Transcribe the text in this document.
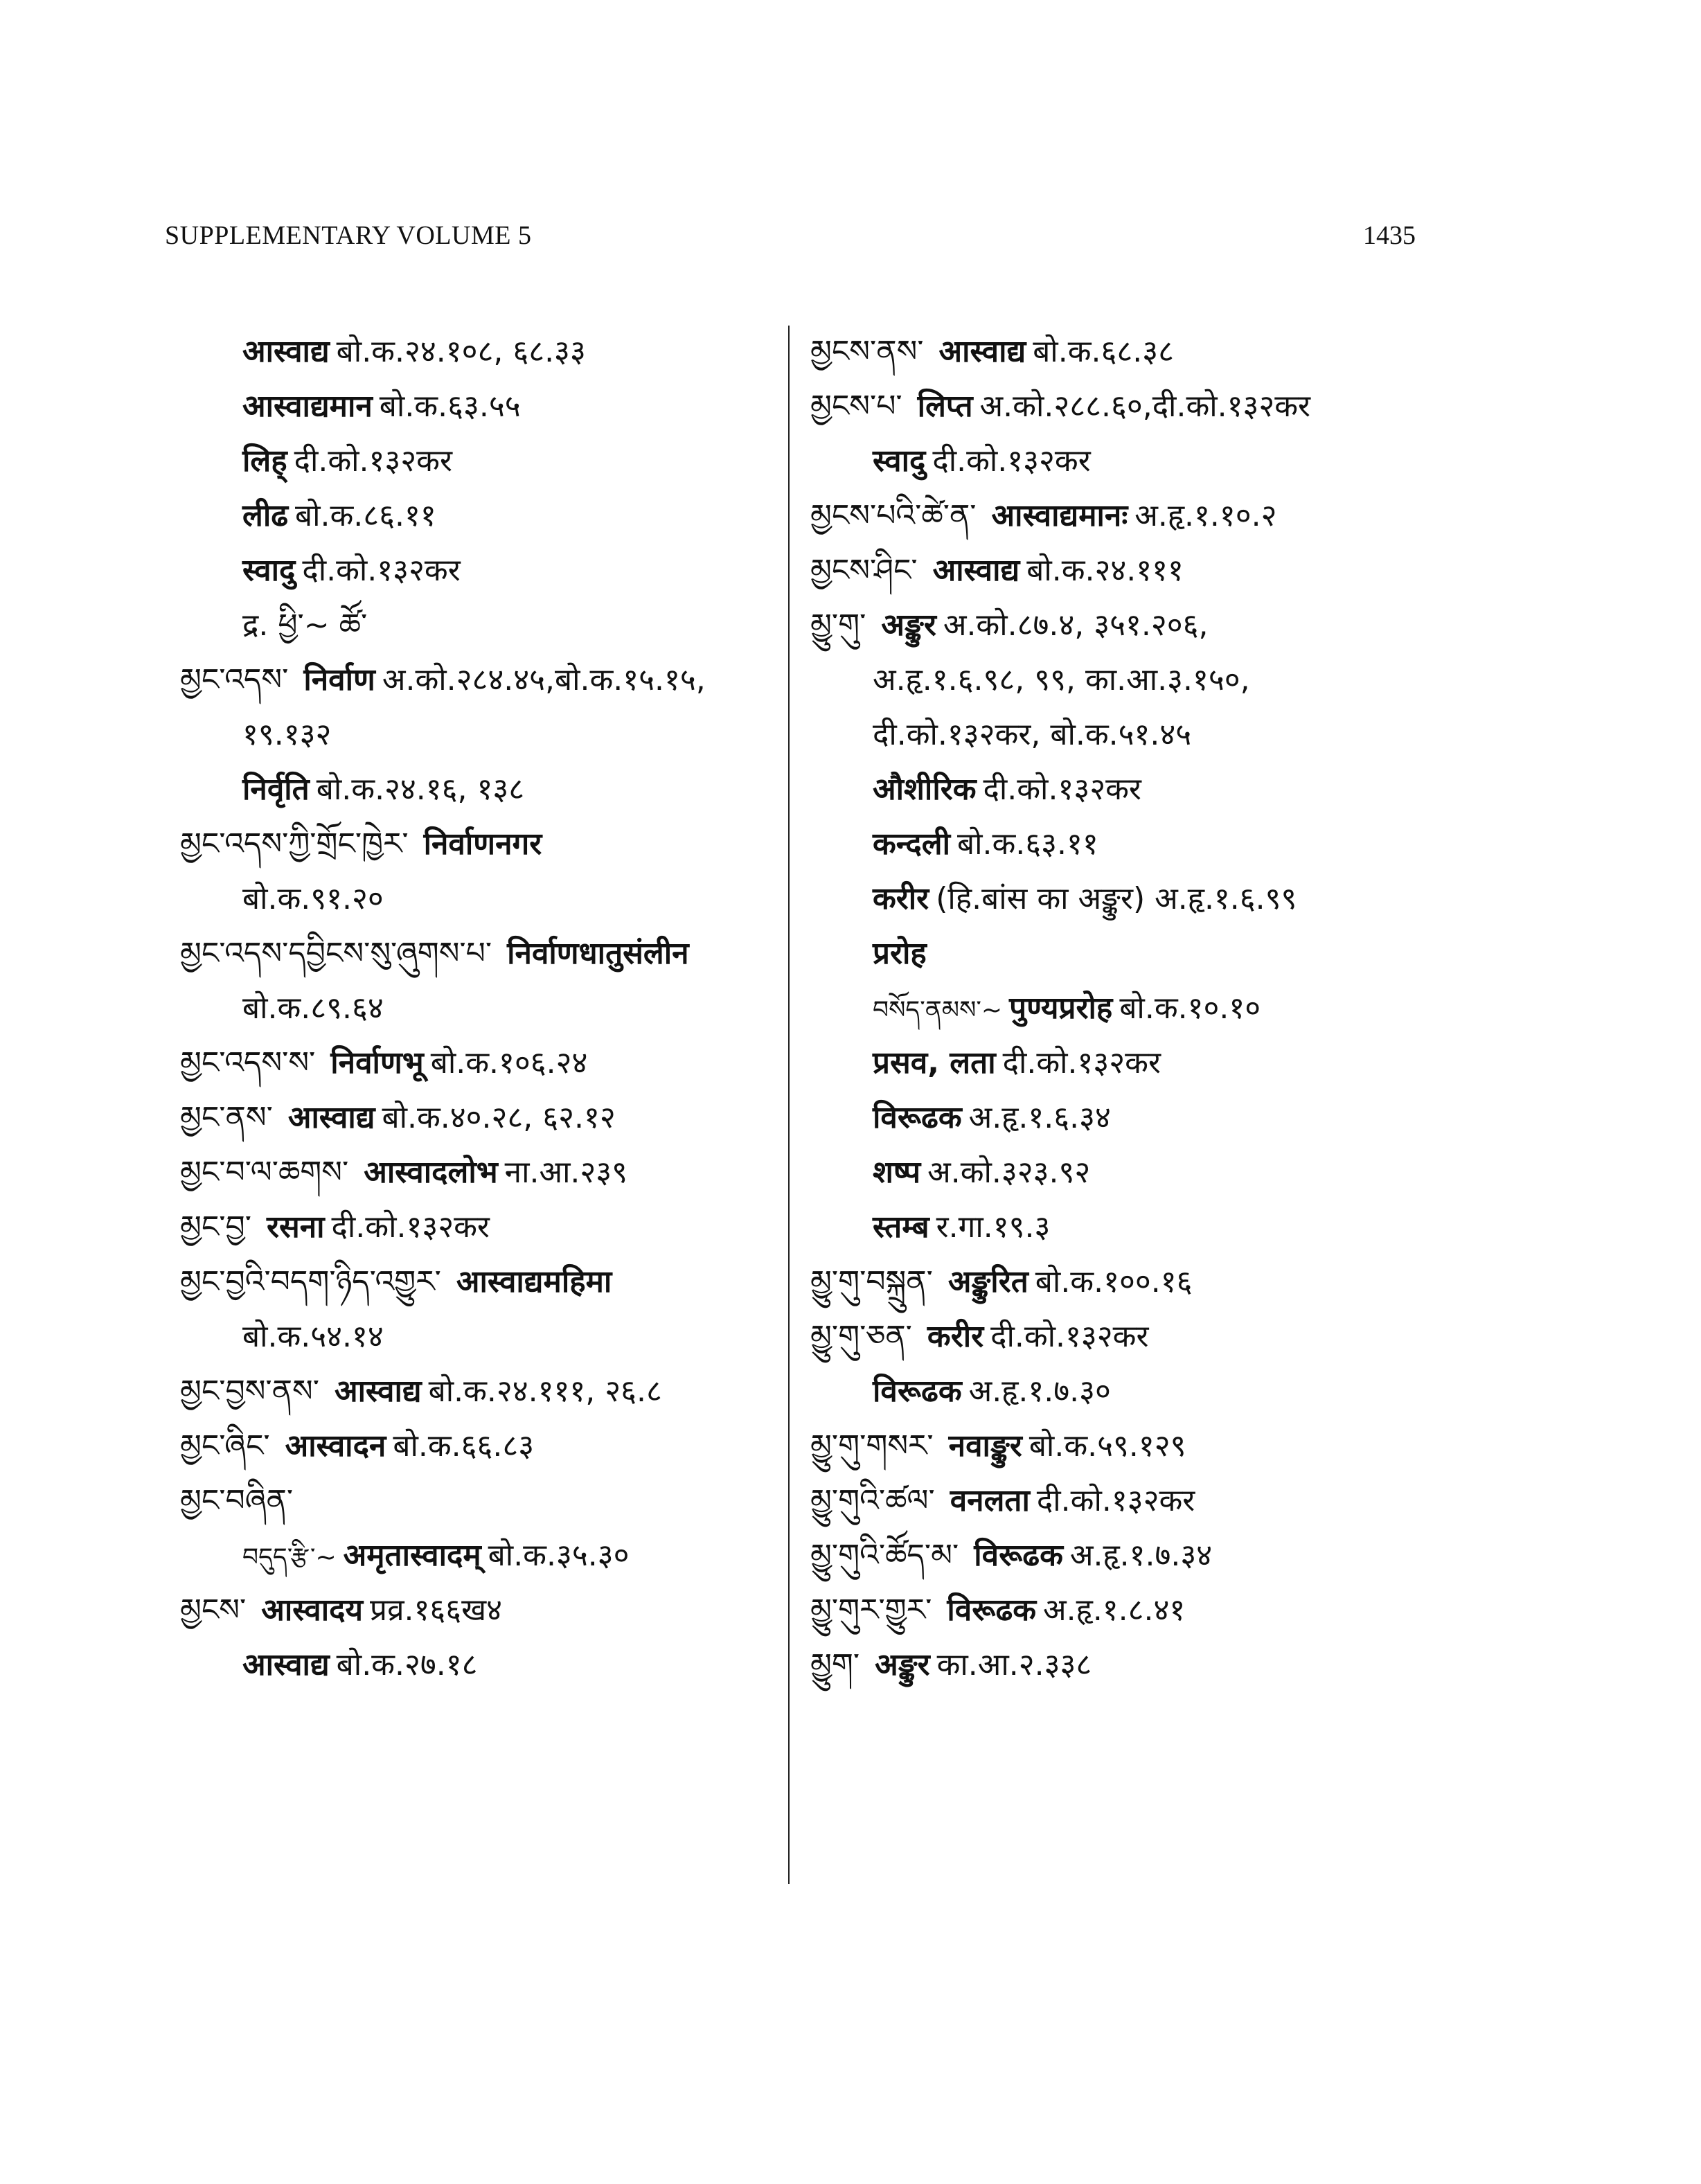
SUPPLEMENTARY VOLUME 5	1435
आस्वाद्य बो.क.२४.१०८, ६८.३३
आस्वाद्यमान बो.क.६३.५५
लिह् दी.को.१३२कर
लीढ बो.क.८६.११
स्वादु दी.को.१३२कर
द्र. ཕྱི་~ ཚོ་
མྱང་འདས་ निर्वाण अ.को.२८४.४५,बो.क.१५.१५,
१९.१३२
निर्वृति बो.क.२४.१६, १३८
མྱང་འདས་ཀྱི་གྲོང་ཁྱེར་ निर्वाणनगर
बो.क.९१.२०
མྱང་འདས་དབྱིངས་སུ་ཞུགས་པ་ निर्वाणधातुसंलीन
बो.क.८९.६४
མྱང་འདས་ས་ निर्वाणभू बो.क.१०६.२४
མྱང་ནས་ आस्वाद्य बो.क.४०.२८, ६२.१२
མྱང་བ་ལ་ཆགས་ आस्वादलोभ ना.आ.२३९
མྱང་བྱ་ रसना दी.को.१३२कर
མྱང་བྱའི་བདག་ཉིད་འགྱུར་ आस्वाद्यमहिमा
बो.क.५४.१४
མྱང་བྱས་ནས་ आस्वाद्य बो.क.२४.१११, २६.८
མྱང་ཞིང་ आस्वादन बो.क.६६.८३
མྱང་བཞིན་
བདུད་རྩི་~ अमृतास्वादम् बो.क.३५.३०
མྱངས་ आस्वादय प्रव्र.१६६ख४
आस्वाद्य बो.क.२७.१८
མྱངས་ནས་ आस्वाद्य बो.क.६८.३८
མྱངས་པ་ लिप्त अ.को.२८८.६०,दी.को.१३२कर
स्वादु दी.को.१३२कर
མྱངས་པའི་ཚེ་ན་ आस्वाद्यमानः अ.हृ.१.१०.२
མྱངས་ཤིང་ आस्वाद्य बो.क.२४.१११
མྱུ་གུ་ अङ्कुर अ.को.८७.४, ३५१.२०६,
अ.हृ.१.६.९८, ९९, का.आ.३.१५०,
दी.को.१३२कर, बो.क.५१.४५
औशीरिक दी.को.१३२कर
कन्दली बो.क.६३.११
करीर (हि.बांस का अङ्कुर) अ.हृ.१.६.९९
प्ररोह
བསོད་ནམས་~ पुण्यप्ररोह बो.क.१०.१०
प्रसव, लता दी.को.१३२कर
विरूढक अ.हृ.१.६.३४
शष्प अ.को.३२३.९२
स्तम्ब र.गा.१९.३
མྱུ་གུ་བསྐྲུན་ अङ्कुरित बो.क.१००.१६
མྱུ་གུ་ཅན་ करीर दी.को.१३२कर
विरूढक अ.हृ.१.७.३०
མྱུ་གུ་གསར་ नवाङ्कुर बो.क.५९.१२९
མྱུ་གུའི་ཚལ་ वनलता दी.को.१३२कर
མྱུ་གུའི་ཚོད་མ་ विरूढक अ.हृ.१.७.३४
མྱུ་གུར་གྱུར་ विरूढक अ.हृ.१.८.४१
མྱུག་ अङ्कुर का.आ.२.३३८
